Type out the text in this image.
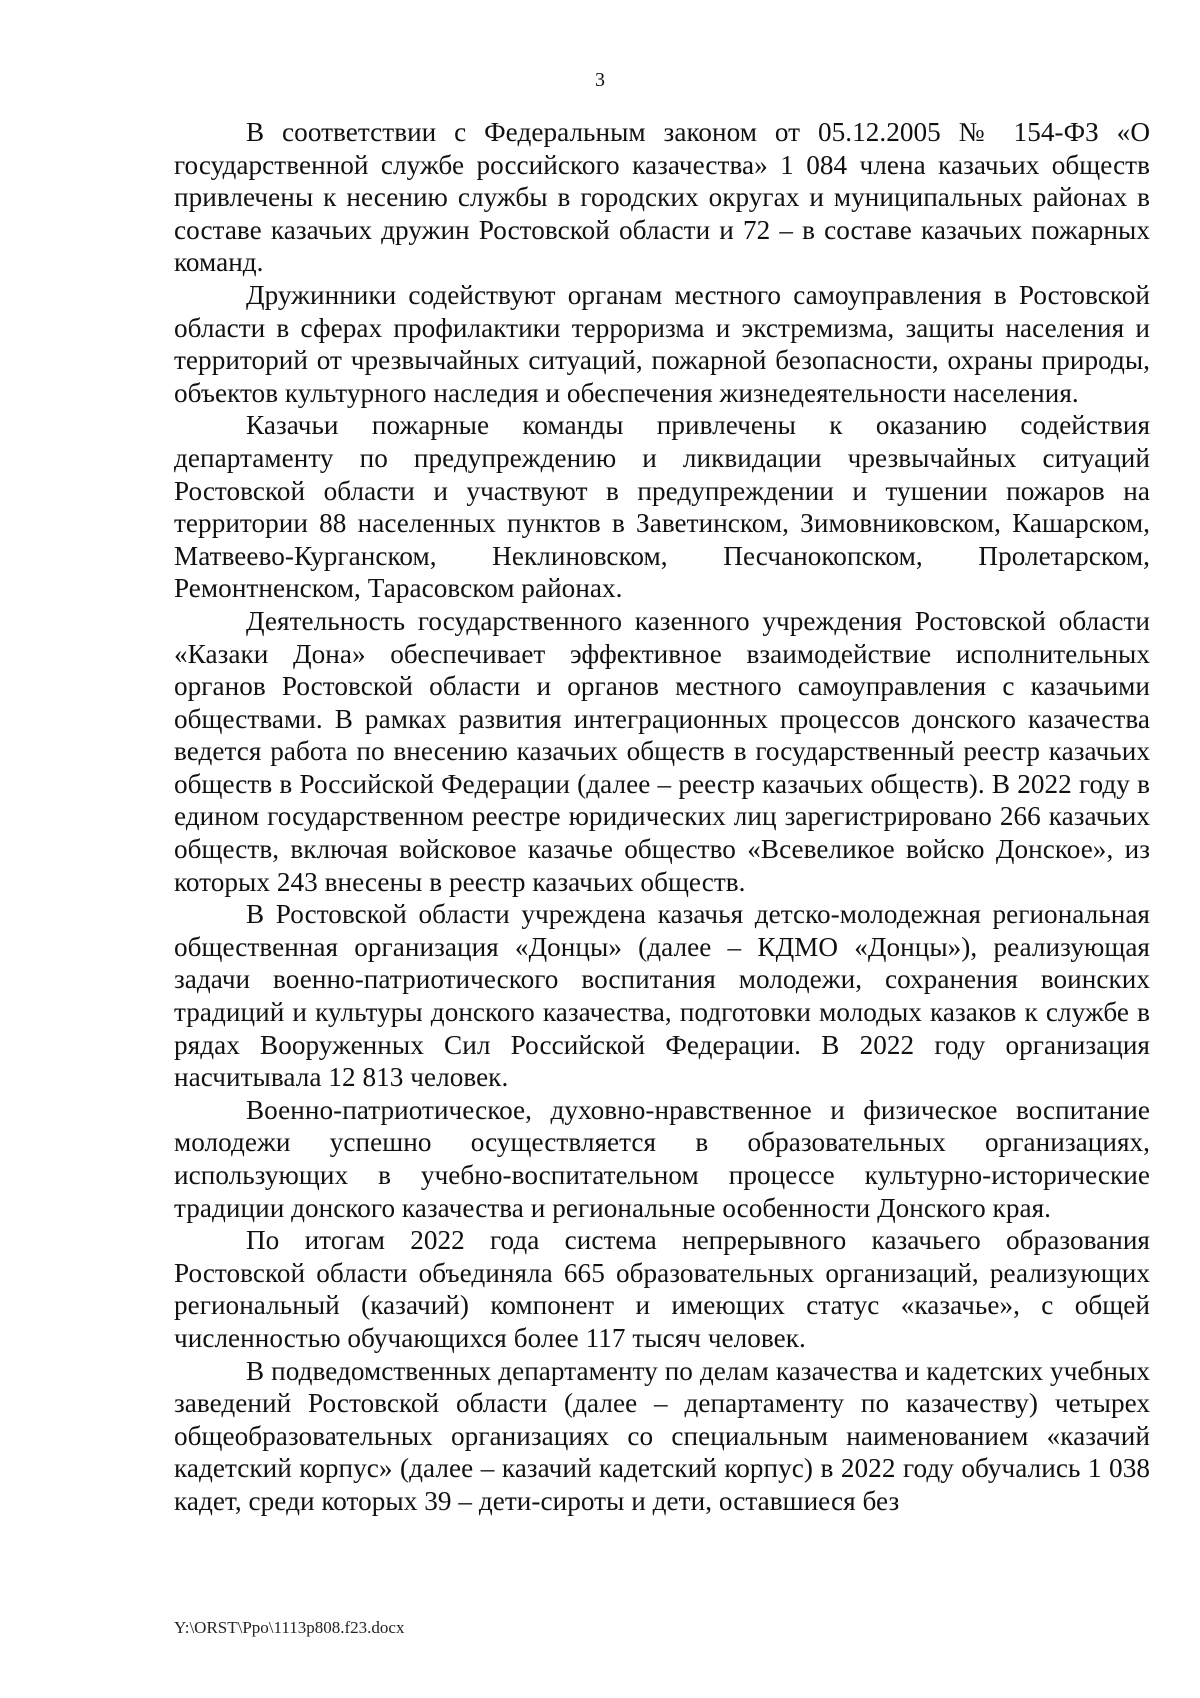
3

В соответствии с Федеральным законом от 05.12.2005 № 154-ФЗ «О государственной службе российского казачества» 1 084 члена казачьих обществ привлечены к несению службы в городских округах и муниципальных районах в составе казачьих дружин Ростовской области и 72 – в составе казачьих пожарных команд.

Дружинники содействуют органам местного самоуправления в Ростовской области в сферах профилактики терроризма и экстремизма, защиты населения и территорий от чрезвычайных ситуаций, пожарной безопасности, охраны природы, объектов культурного наследия и обеспечения жизнедеятельности населения.

Казачьи пожарные команды привлечены к оказанию содействия департаменту по предупреждению и ликвидации чрезвычайных ситуаций Ростовской области и участвуют в предупреждении и тушении пожаров на территории 88 населенных пунктов в Заветинском, Зимовниковском, Кашарском, Матвеево-Курганском, Неклиновском, Песчанокопском, Пролетарском, Ремонтненском, Тарасовском районах.

Деятельность государственного казенного учреждения Ростовской области «Казаки Дона» обеспечивает эффективное взаимодействие исполнительных органов Ростовской области и органов местного самоуправления с казачьими обществами. В рамках развития интеграционных процессов донского казачества ведется работа по внесению казачьих обществ в государственный реестр казачьих обществ в Российской Федерации (далее – реестр казачьих обществ). В 2022 году в едином государственном реестре юридических лиц зарегистрировано 266 казачьих обществ, включая войсковое казачье общество «Всевеликое войско Донское», из которых 243 внесены в реестр казачьих обществ.

В Ростовской области учреждена казачья детско-молодежная региональная общественная организация «Донцы» (далее – КДМО «Донцы»), реализующая задачи военно-патриотического воспитания молодежи, сохранения воинских традиций и культуры донского казачества, подготовки молодых казаков к службе в рядах Вооруженных Сил Российской Федерации. В 2022 году организация насчитывала 12 813 человек.

Военно-патриотическое, духовно-нравственное и физическое воспитание молодежи успешно осуществляется в образовательных организациях, использующих в учебно-воспитательном процессе культурно-исторические традиции донского казачества и региональные особенности Донского края.

По итогам 2022 года система непрерывного казачьего образования Ростовской области объединяла 665 образовательных организаций, реализующих региональный (казачий) компонент и имеющих статус «казачье», с общей численностью обучающихся более 117 тысяч человек.

В подведомственных департаменту по делам казачества и кадетских учебных заведений Ростовской области (далее – департаменту по казачеству) четырех общеобразовательных организациях со специальным наименованием «казачий кадетский корпус» (далее – казачий кадетский корпус) в 2022 году обучались 1 038 кадет, среди которых 39 – дети-сироты и дети, оставшиеся без

Y:\ORST\Ppo\1113p808.f23.docx
